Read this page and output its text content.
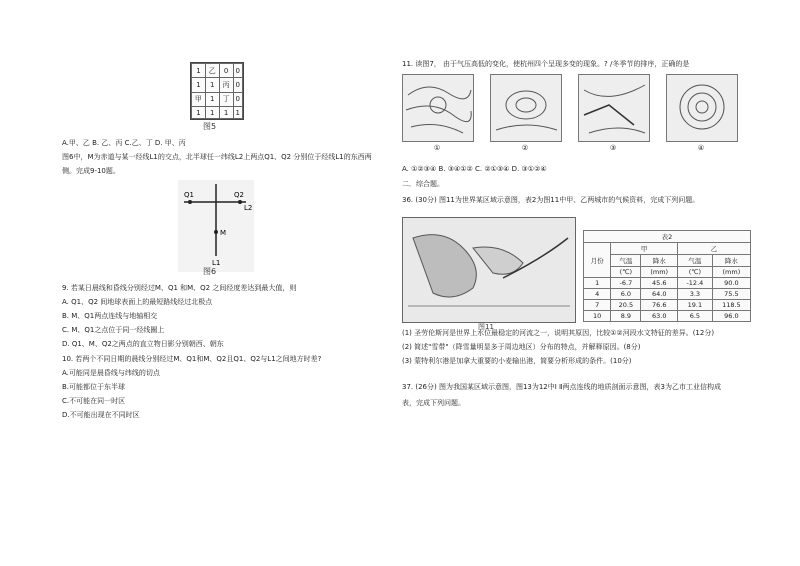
1	乙	0	0
1	1	丙	0
甲	1	丁	0
1	1	1	1
图5
A.甲、乙 B. 乙、丙 C.乙、丁 D. 甲、丙
图6中，M为赤道与某一经线L1的交点，北半球任一纬线L2上两点Q1、Q2 分别位于经线L1的东西两
侧。完成9-10题。
Q1	Q2
L2
M
L1
图6
9. 若某日晨线和昏线分别经过M、Q1 和M、Q2 之间经度差达到最大值，则
A. Q1、Q2 间地球表面上的最短路线经过北极点
B. M、Q1两点连线与地轴相交
C. M、Q1之点位于同一经线圈上
D. Q1、M、Q2之两点的直立物日影分别朝西、朝东
10. 若两个不同日期的晨线分别经过M、Q1和M、Q2且Q1、Q2与L1之间地方时差?
A.可能同是晨昏线与纬线的切点
B.可能都位于东半球
C.不可能在同一时区
D.不可能出现在不同时区
11. 读图7， 由于气压高低的变化，使杭州四个呈现多变的现象。? /冬季节的排序，正确的是
①	②	③	④
A. ①②③④ B. ③④①② C. ②①③④ D. ③①②④
二．综合题。
36. (30分) 图11为世界某区域示意图，表2为图11中甲、乙两城市的气候资料，完成下列问题。
图11
表2				
月份	甲		乙	
	气温	降水	气温	降水
	(℃)	(mm)	(℃)	(mm)
1	-6.7	45.6	-12.4	90.0
4	6.0	64.0	3.3	75.5
7	20.5	76.6	19.1	118.5
10	8.9	63.0	6.5	96.0
(1) 圣劳伦斯河是世界上水位最稳定的河流之一，说明其原因，比较①②河段水文特征的差异。(12分)
(2) 简述"雪带"（降雪量明显多于周边地区）分布的特点，并解释原因。(8分)
(3) 蒙特利尔港是加拿大重要的小麦输出港，简要分析形成的条件。(10分)
37. (26分) 图为我国某区域示意图，图13为12中Ⅰ Ⅱ两点连线的地质剖面示意图，表3为乙市工业信构成
表，完成下列问题。
